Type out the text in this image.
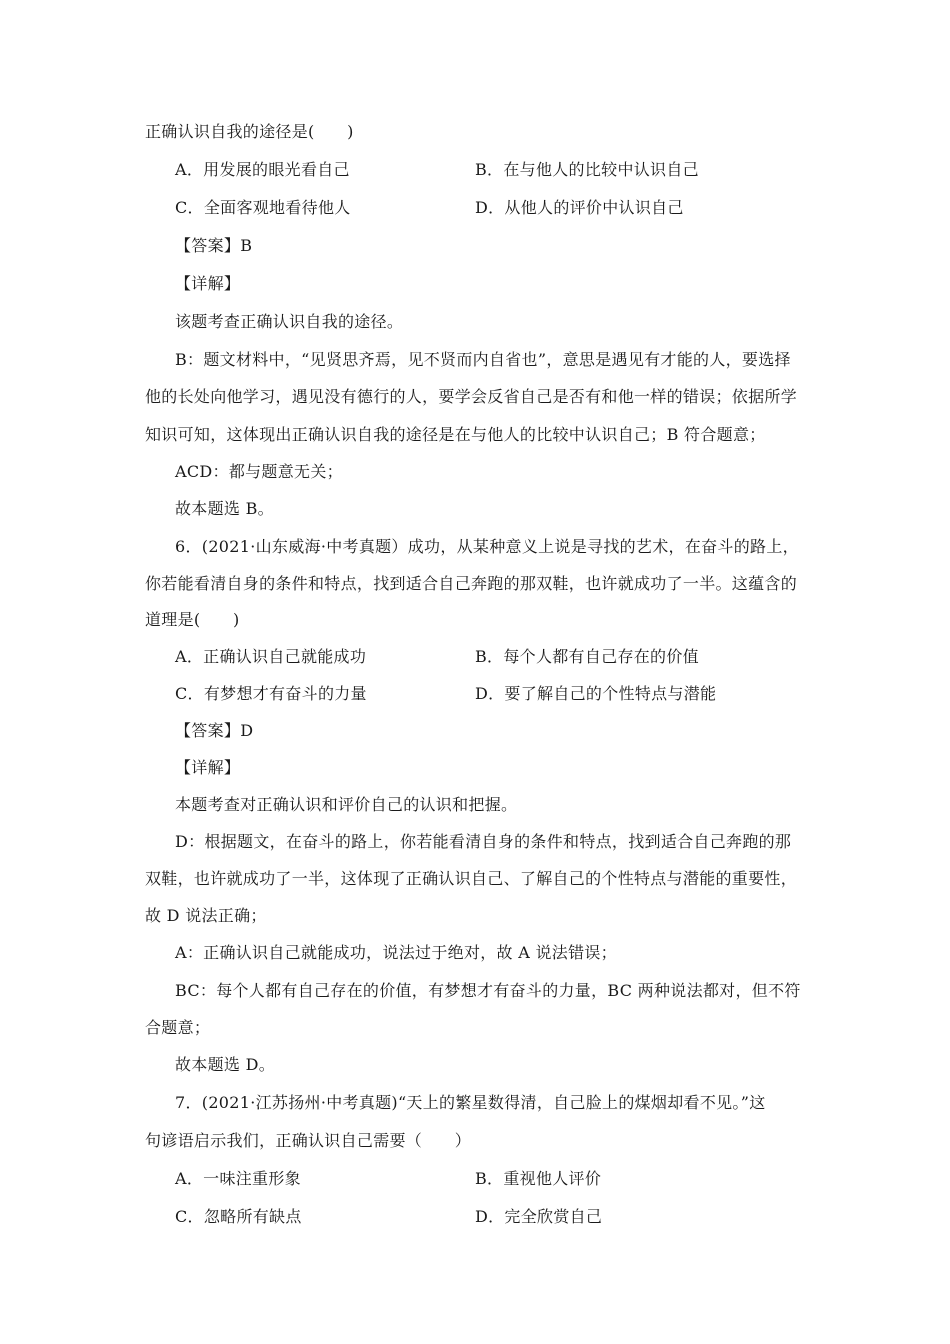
正确认识自我的途径是(　　)
A．用发展的眼光看自己	B．在与他人的比较中认识自己
C．全面客观地看待他人	D．从他人的评价中认识自己
【答案】B
【详解】
该题考查正确认识自我的途径。
B：题文材料中，“见贤思齐焉，见不贤而内自省也”，意思是遇见有才能的人，要选择
他的长处向他学习，遇见没有德行的人，要学会反省自己是否有和他一样的错误；依据所学
知识可知，这体现出正确认识自我的途径是在与他人的比较中认识自己；B 符合题意；
ACD：都与题意无关；
故本题选 B。
6．(2021·山东威海·中考真题）成功，从某种意义上说是寻找的艺术，在奋斗的路上，
你若能看清自身的条件和特点，找到适合自己奔跑的那双鞋，也许就成功了一半。这蕴含的
道理是(　　)
A．正确认识自己就能成功	B．每个人都有自己存在的价值
C．有梦想才有奋斗的力量	D．要了解自己的个性特点与潜能
【答案】D
【详解】
本题考查对正确认识和评价自己的认识和把握。
D：根据题文，在奋斗的路上，你若能看清自身的条件和特点，找到适合自己奔跑的那
双鞋，也许就成功了一半，这体现了正确认识自己、了解自己的个性特点与潜能的重要性，
故 D 说法正确；
A：正确认识自己就能成功，说法过于绝对，故 A 说法错误；
BC：每个人都有自己存在的价值，有梦想才有奋斗的力量，BC 两种说法都对，但不符
合题意；
故本题选 D。
7．(2021·江苏扬州·中考真题)“天上的繁星数得清，自己脸上的煤烟却看不见。”这
句谚语启示我们，正确认识自己需要（　　）
A．一味注重形象	B．重视他人评价
C．忽略所有缺点	D．完全欣赏自己
